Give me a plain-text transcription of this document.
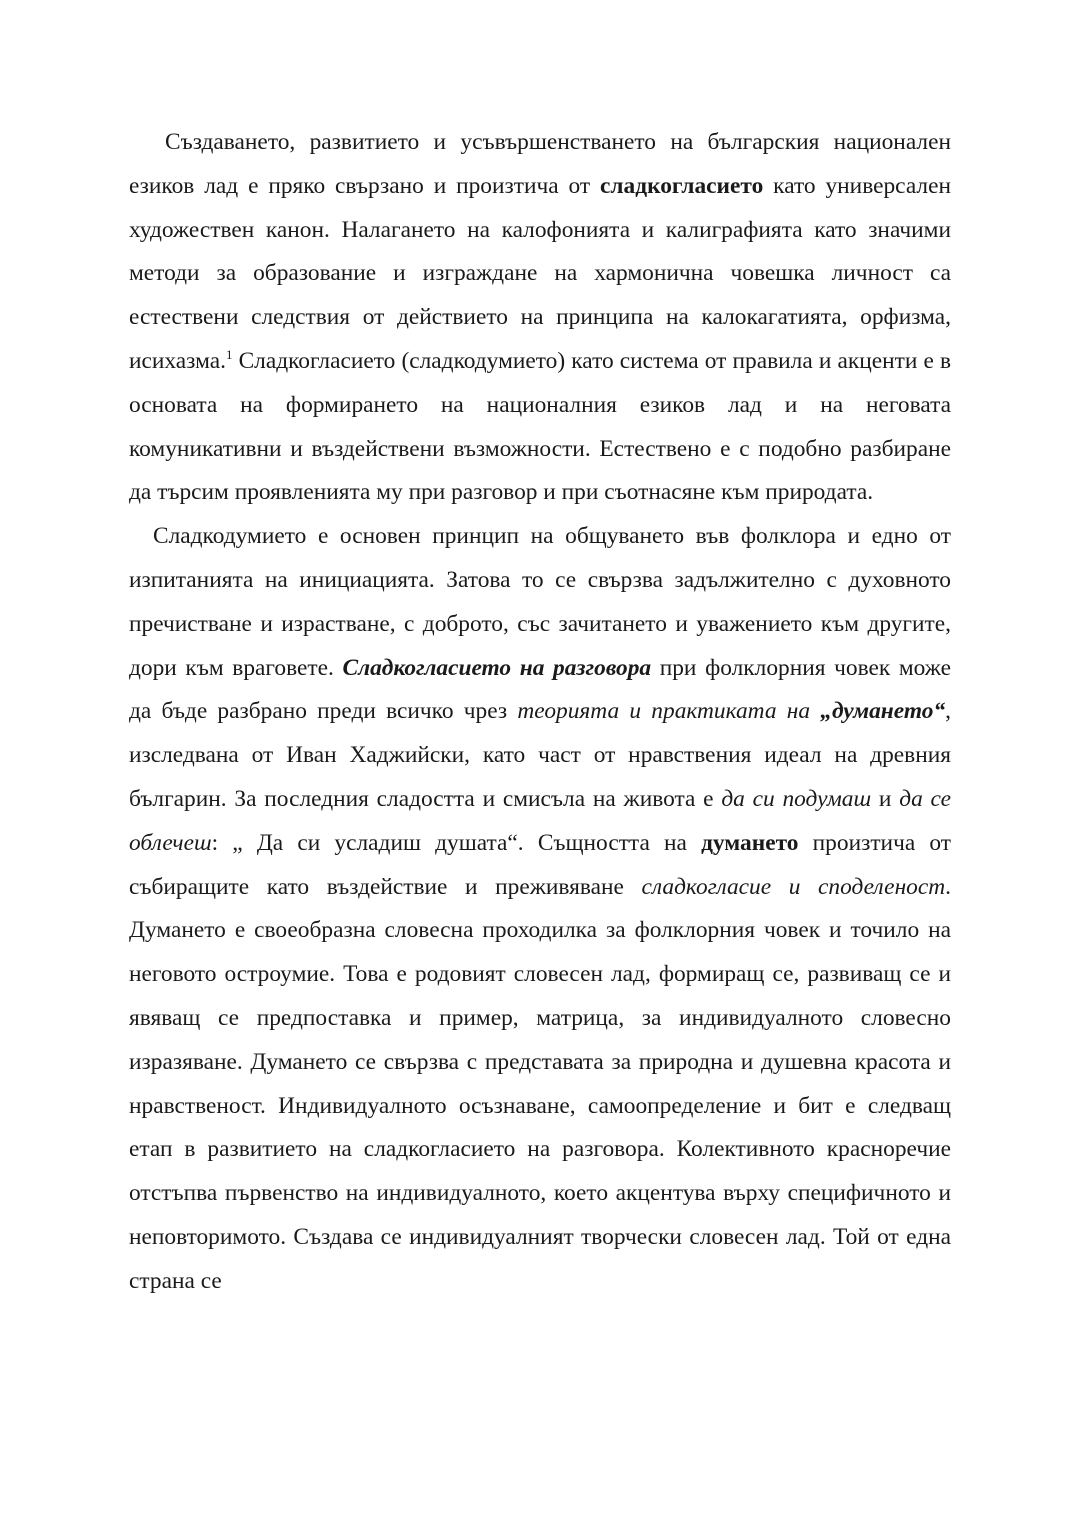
Създаването, развитието и усъвършенстването на българския национален езиков лад е пряко свързано и произтича от сладкогласието като универсален художествен канон. Налагането на калофонията и калиграфията като значими методи за образование и изграждане на хармонична човешка личност са естествени следствия от действието на принципа на калокагатията, орфизма, исихазма.$^1$ Сладкогласието (сладкодумието) като система от правила и акценти е в основата на формирането на националния езиков лад и на неговата комуникативни и въздействени възможности. Естествено е с подобно разбиране да търсим проявленията му при разговор и при съотнасяне към природата.

Сладкодумието е основен принцип на общуването във фолклора и едно от изпитанията на инициацията. Затова то се свързва задължително с духовното пречистване и израстване, с доброто, със зачитането и уважението към другите, дори към враговете. Сладкогласието на разговора при фолклорния човек може да бъде разбрано преди всичко чрез теорията и практиката на „думането“, изследвана от Иван Хаджийски, като част от нравствения идеал на древния българин. За последния сладостта и смисъла на живота е да си подумаш и да се облечеш: „ Да си усладиш душата“. Същността на думането произтича от събиращите като въздействие и преживяване сладкогласие и споделеност. Думането е своеобразна словесна проходилка за фолклорния човек и точило на неговото остроумие. Това е родовият словесен лад, формиращ се, развиващ се и явяващ се предпоставка и пример, матрица, за индивидуалното словесно изразяване. Думането се свързва с представата за природна и душевна красота и нравственост. Индивидуалното осъзнаване, самоопределение и бит е следващ етап в развитието на сладкогласието на разговора. Колективното красноречие отстъпва първенство на индивидуалното, което акцентува върху специфичното и неповторимото. Създава се индивидуалният творчески словесен лад. Той от една страна се
